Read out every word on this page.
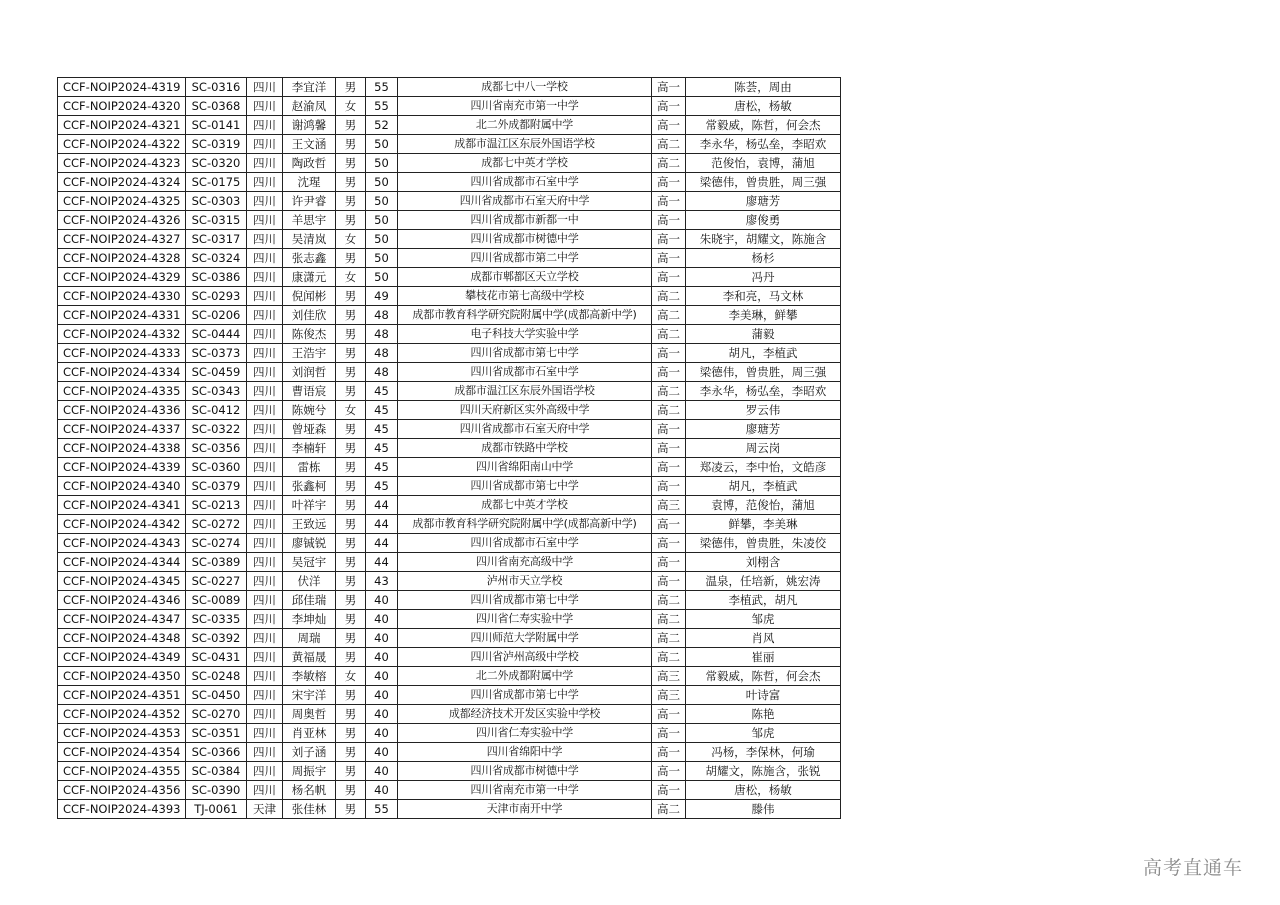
CCF-NOIP2024-4319	SC-0316	四川	李宜洋	男	55	成都七中八一学校	高一	陈荟，周由
CCF-NOIP2024-4320	SC-0368	四川	赵渝凤	女	55	四川省南充市第一中学	高一	唐松，杨敏
CCF-NOIP2024-4321	SC-0141	四川	谢鸿馨	男	52	北二外成都附属中学	高一	常毅威，陈哲，何会杰
CCF-NOIP2024-4322	SC-0319	四川	王文涵	男	50	成都市温江区东辰外国语学校	高二	李永华，杨弘垒，李昭欢
CCF-NOIP2024-4323	SC-0320	四川	陶政哲	男	50	成都七中英才学校	高二	范俊怡，袁博，蒲旭
CCF-NOIP2024-4324	SC-0175	四川	沈瑆	男	50	四川省成都市石室中学	高一	梁德伟，曾贵胜，周三强
CCF-NOIP2024-4325	SC-0303	四川	许尹睿	男	50	四川省成都市石室天府中学	高一	廖瑭芳
CCF-NOIP2024-4326	SC-0315	四川	羊思宇	男	50	四川省成都市新都一中	高一	廖俊勇
CCF-NOIP2024-4327	SC-0317	四川	吴清岚	女	50	四川省成都市树德中学	高一	朱晓宇，胡耀文，陈施含
CCF-NOIP2024-4328	SC-0324	四川	张志鑫	男	50	四川省成都市第二中学	高一	杨杉
CCF-NOIP2024-4329	SC-0386	四川	康潇元	女	50	成都市郫都区天立学校	高一	冯丹
CCF-NOIP2024-4330	SC-0293	四川	倪闻彬	男	49	攀枝花市第七高级中学校	高二	李和亮，马文林
CCF-NOIP2024-4331	SC-0206	四川	刘佳欣	男	48	成都市教育科学研究院附属中学(成都高新中学)	高二	李美琳，鲜攀
CCF-NOIP2024-4332	SC-0444	四川	陈俊杰	男	48	电子科技大学实验中学	高二	蒲毅
CCF-NOIP2024-4333	SC-0373	四川	王浩宇	男	48	四川省成都市第七中学	高一	胡凡，李植武
CCF-NOIP2024-4334	SC-0459	四川	刘润哲	男	48	四川省成都市石室中学	高一	梁德伟，曾贵胜，周三强
CCF-NOIP2024-4335	SC-0343	四川	曹语宸	男	45	成都市温江区东辰外国语学校	高二	李永华，杨弘垒，李昭欢
CCF-NOIP2024-4336	SC-0412	四川	陈婉兮	女	45	四川天府新区实外高级中学	高二	罗云伟
CCF-NOIP2024-4337	SC-0322	四川	曾垭森	男	45	四川省成都市石室天府中学	高一	廖瑭芳
CCF-NOIP2024-4338	SC-0356	四川	李楠轩	男	45	成都市铁路中学校	高一	周云岗
CCF-NOIP2024-4339	SC-0360	四川	雷栋	男	45	四川省绵阳南山中学	高一	郑凌云，李中怡，文皓彦
CCF-NOIP2024-4340	SC-0379	四川	张鑫柯	男	45	四川省成都市第七中学	高一	胡凡，李植武
CCF-NOIP2024-4341	SC-0213	四川	叶祥宇	男	44	成都七中英才学校	高三	袁博，范俊怡，蒲旭
CCF-NOIP2024-4342	SC-0272	四川	王致远	男	44	成都市教育科学研究院附属中学(成都高新中学)	高一	鲜攀，李美琳
CCF-NOIP2024-4343	SC-0274	四川	廖铖锐	男	44	四川省成都市石室中学	高一	梁德伟，曾贵胜，朱凌佼
CCF-NOIP2024-4344	SC-0389	四川	吴冠宇	男	44	四川省南充高级中学	高一	刘栩含
CCF-NOIP2024-4345	SC-0227	四川	伏洋	男	43	泸州市天立学校	高一	温泉，任培新，姚宏涛
CCF-NOIP2024-4346	SC-0089	四川	邱佳瑞	男	40	四川省成都市第七中学	高二	李植武，胡凡
CCF-NOIP2024-4347	SC-0335	四川	李坤灿	男	40	四川省仁寿实验中学	高二	邹虎
CCF-NOIP2024-4348	SC-0392	四川	周瑞	男	40	四川师范大学附属中学	高二	肖风
CCF-NOIP2024-4349	SC-0431	四川	黄福晟	男	40	四川省泸州高级中学校	高二	崔丽
CCF-NOIP2024-4350	SC-0248	四川	李敏榕	女	40	北二外成都附属中学	高三	常毅威，陈哲，何会杰
CCF-NOIP2024-4351	SC-0450	四川	宋宇洋	男	40	四川省成都市第七中学	高三	叶诗富
CCF-NOIP2024-4352	SC-0270	四川	周奥哲	男	40	成都经济技术开发区实验中学校	高一	陈艳
CCF-NOIP2024-4353	SC-0351	四川	肖亚林	男	40	四川省仁寿实验中学	高一	邹虎
CCF-NOIP2024-4354	SC-0366	四川	刘子涵	男	40	四川省绵阳中学	高一	冯杨，李保林，何瑜
CCF-NOIP2024-4355	SC-0384	四川	周振宇	男	40	四川省成都市树德中学	高一	胡耀文，陈施含，张锐
CCF-NOIP2024-4356	SC-0390	四川	杨名帆	男	40	四川省南充市第一中学	高一	唐松，杨敏
CCF-NOIP2024-4393	TJ-0061	天津	张佳林	男	55	天津市南开中学	高二	滕伟
高考直通车
